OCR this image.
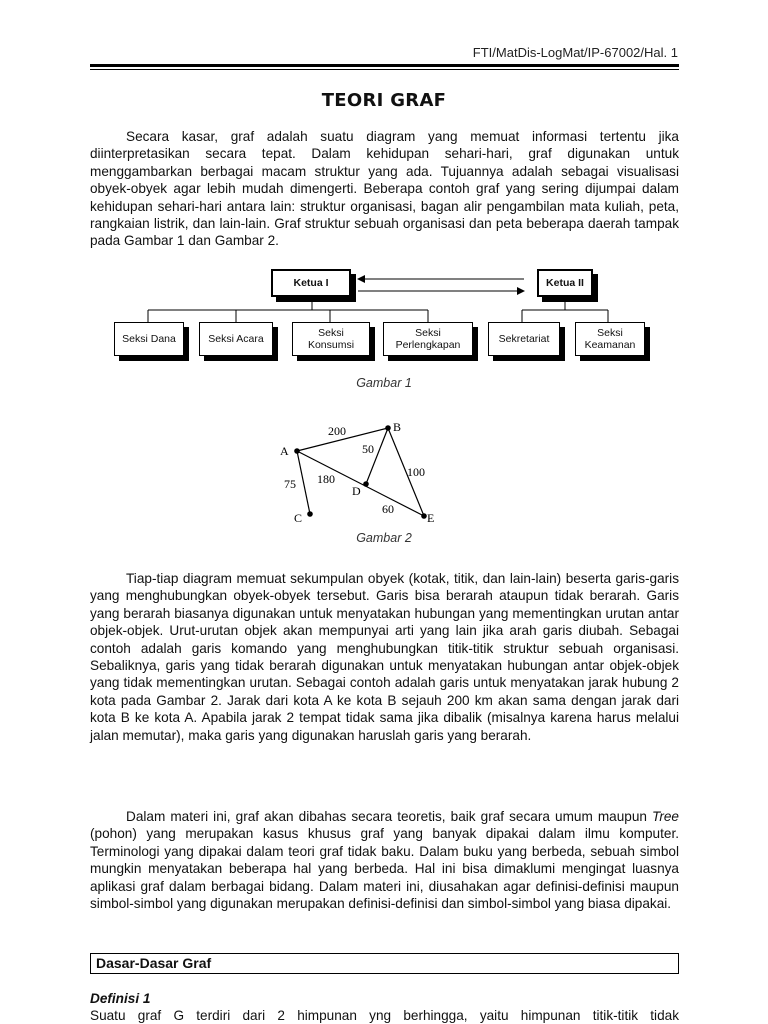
FTI/MatDis-LogMat/IP-67002/Hal. 1
TEORI GRAF

Secara kasar, graf adalah suatu diagram yang memuat informasi tertentu jika diinterpretasikan secara tepat. Dalam kehidupan sehari-hari, graf digunakan untuk menggambarkan berbagai macam struktur yang ada. Tujuannya adalah sebagai visualisasi obyek-obyek agar lebih mudah dimengerti. Beberapa contoh graf yang sering dijumpai dalam kehidupan sehari-hari antara lain: struktur organisasi, bagan alir pengambilan mata kuliah, peta, rangkaian listrik, dan lain-lain. Graf struktur sebuah organisasi dan peta beberapa daerah tampak pada Gambar 1 dan Gambar 2.

Ketua I	Ketua II
Seksi Dana	Seksi Acara	Seksi Konsumsi
Seksi Perlengkapan	Sekretariat	Seksi Keamanan
Gambar 1
A
B
C
D
E
200
75 180
50
100
60
Gambar 2

Tiap-tiap diagram memuat sekumpulan obyek (kotak, titik, dan lain-lain) beserta garis-garis yang menghubungkan obyek-obyek tersebut. Garis bisa berarah ataupun tidak berarah. Garis yang berarah biasanya digunakan untuk menyatakan hubungan yang mementingkan urutan antar objek-objek. Urut-urutan objek akan mempunyai arti yang lain jika arah garis diubah. Sebagai contoh adalah garis komando yang menghubungkan titik-titik struktur sebuah organisasi. Sebaliknya, garis yang tidak berarah digunakan untuk menyatakan hubungan antar objek-objek yang tidak mementingkan urutan. Sebagai contoh adalah garis untuk menyatakan jarak hubung 2 kota pada Gambar 2. Jarak dari kota A ke kota B sejauh 200 km akan sama dengan jarak dari kota B ke kota A. Apabila jarak 2 tempat tidak sama jika dibalik (misalnya karena harus melalui jalan memutar), maka garis yang digunakan haruslah garis yang berarah.

Dalam materi ini, graf akan dibahas secara teoretis, baik graf secara umum maupun Tree (pohon) yang merupakan kasus khusus graf yang banyak dipakai dalam ilmu komputer. Terminologi yang dipakai dalam teori graf tidak baku. Dalam buku yang berbeda, sebuah simbol mungkin menyatakan beberapa hal yang berbeda. Hal ini bisa dimaklumi mengingat luasnya aplikasi graf dalam berbagai bidang. Dalam materi ini, diusahakan agar definisi-definisi maupun simbol-simbol yang digunakan merupakan definisi-definisi dan simbol-simbol yang biasa dipakai.

Dasar-Dasar Graf
Definisi 1
Suatu graf G terdiri dari 2 himpunan yng berhingga, yaitu himpunan titik-titik tidak
